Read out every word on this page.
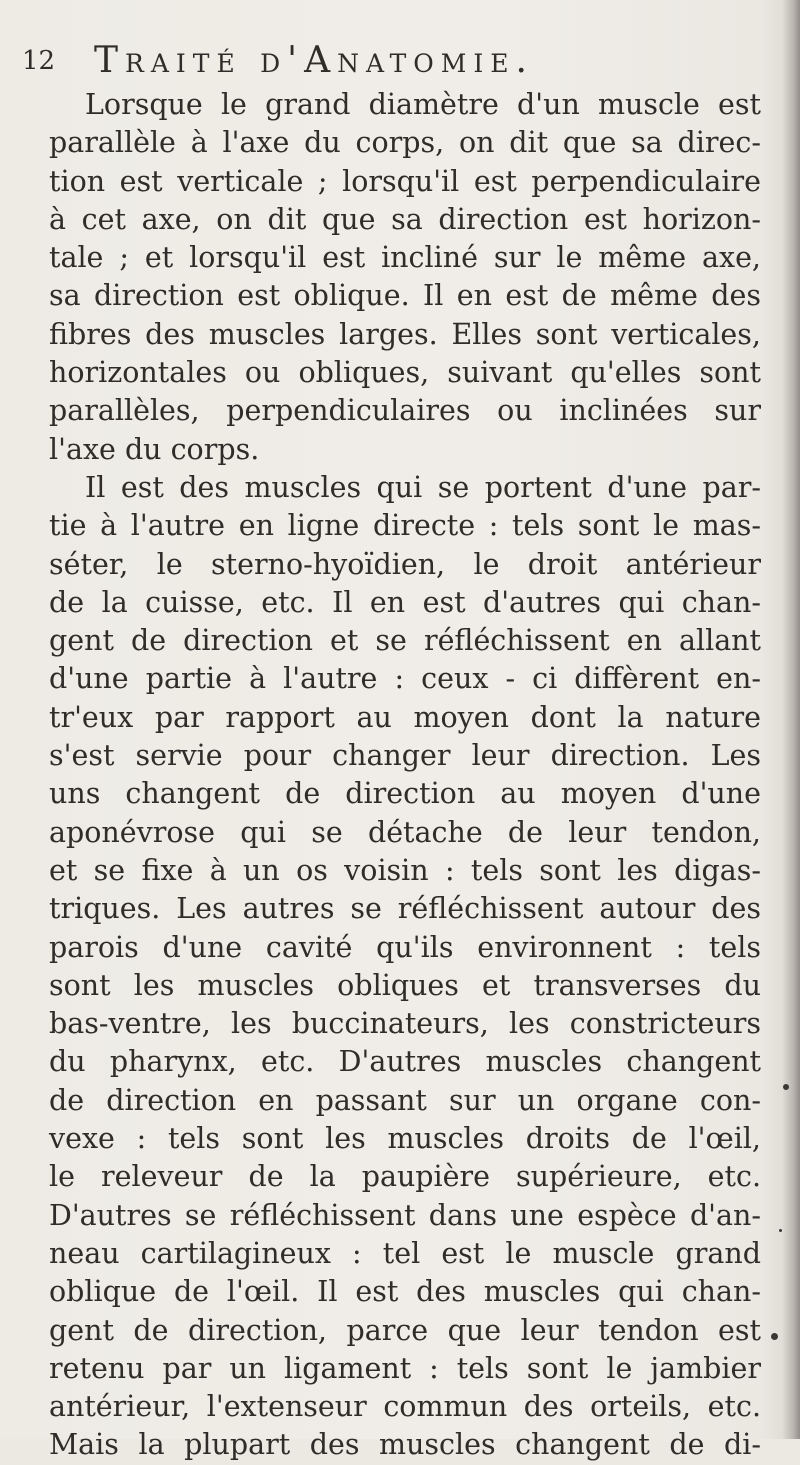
12 Traité d'Anatomie.
Lorsque le grand diamètre d'un muscle est
parallèle à l'axe du corps, on dit que sa direc-
tion est verticale ; lorsqu'il est perpendiculaire
à cet axe, on dit que sa direction est horizon-
tale ; et lorsqu'il est incliné sur le même axe,
sa direction est oblique. Il en est de même des
fibres des muscles larges. Elles sont verticales,
horizontales ou obliques, suivant qu'elles sont
parallèles, perpendiculaires ou inclinées sur
l'axe du corps.
Il est des muscles qui se portent d'une par-
tie à l'autre en ligne directe : tels sont le mas-
séter, le sterno-hyoïdien, le droit antérieur
de la cuisse, etc. Il en est d'autres qui chan-
gent de direction et se réfléchissent en allant
d'une partie à l'autre : ceux - ci diffèrent en-
tr'eux par rapport au moyen dont la nature
s'est servie pour changer leur direction. Les
uns changent de direction au moyen d'une
aponévrose qui se détache de leur tendon,
et se fixe à un os voisin : tels sont les digas-
triques. Les autres se réfléchissent autour des
parois d'une cavité qu'ils environnent : tels
sont les muscles obliques et transverses du
bas-ventre, les buccinateurs, les constricteurs
du pharynx, etc. D'autres muscles changent
de direction en passant sur un organe con-
vexe : tels sont les muscles droits de l'œil,
le releveur de la paupière supérieure, etc.
D'autres se réfléchissent dans une espèce d'an-
neau cartilagineux : tel est le muscle grand
oblique de l'œil. Il est des muscles qui chan-
gent de direction, parce que leur tendon est
retenu par un ligament : tels sont le jambier
antérieur, l'extenseur commun des orteils, etc.
Mais la plupart des muscles changent de di-
